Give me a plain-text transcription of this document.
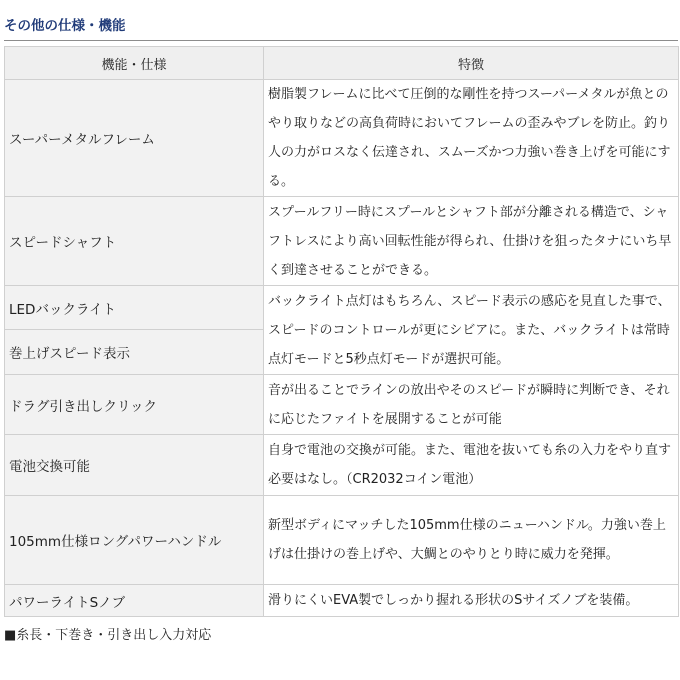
その他の仕様・機能
機能・仕様	特徴
スーパーメタルフレーム	樹脂製フレームに比べて圧倒的な剛性を持つスーパーメタルが魚とのやり取りなどの高負荷時においてフレームの歪みやブレを防止。釣り人の力がロスなく伝達され、スムーズかつ力強い巻き上げを可能にする。

スピードシャフト	スプールフリー時にスプールとシャフト部が分離される構造で、シャフトレスにより高い回転性能が得られ、仕掛けを狙ったタナにいち早く到達させることができる。

LEDバックライト	バックライト点灯はもちろん、スピード表示の感応を見直した事で、スピードのコントロールが更にシビアに。また、バックライトは常時点灯モードと5秒点灯モードが選択可能。

巻上げスピード表示	
ドラグ引き出しクリック	音が出ることでラインの放出やそのスピードが瞬時に判断でき、それに応じたファイトを展開することが可能

電池交換可能	自身で電池の交換が可能。また、電池を抜いても糸の入力をやり直す必要はなし。（CR2032コイン電池）

105mm仕様ロングパワーハンドル	新型ボディにマッチした105mm仕様のニューハンドル。力強い巻上げは仕掛けの巻上げや、大鯛とのやりとり時に威力を発揮。

パワーライトSノブ	滑りにくいEVA製でしっかり握れる形状のSサイズノブを装備。

■糸長・下巻き・引き出し入力対応
